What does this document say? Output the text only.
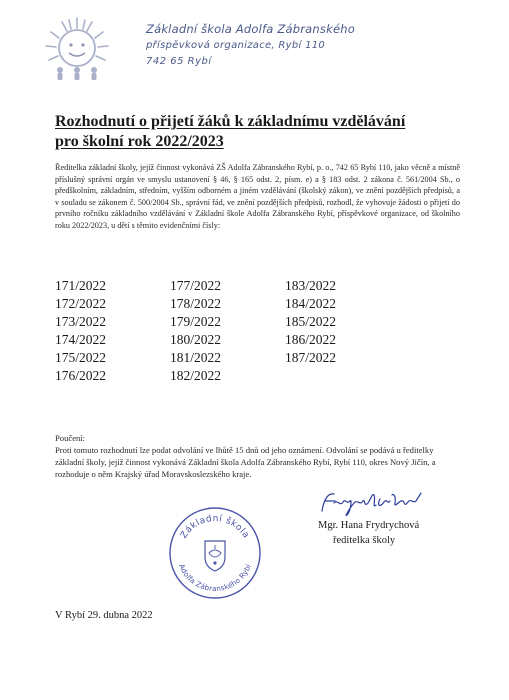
Základní škola Adolfa Zábranského
příspěvková organizace, Rybí 110
742 65 Rybí
Rozhodnutí o přijetí žáků k základnímu vzdělávání
pro školní rok 2022/2023
Ředitelka základní školy, jejíž činnost vykonává ZŠ Adolfa Zábranského Rybí, p. o., 742 65 Rybí 110, jako věcně a místně příslušný správní orgán ve smyslu ustanovení § 46, § 165 odst. 2, písm. e) a § 183 odst. 2 zákona č. 561/2004 Sb., o předškolním, základním, středním, vyšším odborném a jiném vzdělávání (školský zákon), ve znění pozdějších předpisů, a v souladu se zákonem č. 500/2004 Sb., správní řád, ve znění pozdějších předpisů, rozhodl, že vyhovuje žádosti o přijetí do prvního ročníku základního vzdělávání v Základní škole Adolfa Zábranského Rybí, příspěvkové organizace, od školního roku 2022/2023, u dětí s těmito evidenčními čísly:
171/2022
172/2022
173/2022
174/2022
175/2022
176/2022
177/2022
178/2022
179/2022
180/2022
181/2022
182/2022
183/2022
184/2022
185/2022
186/2022
187/2022
Poučení:
Proti tomuto rozhodnutí lze podat odvolání ve lhůtě 15 dnů od jeho oznámení. Odvolání se podává u ředitelky základní školy, jejíž činnost vykonává Základní škola Adolfa Zábranského Rybí, Rybí 110, okres Nový Jičín, a rozhoduje o něm Krajský úřad Moravskoslezského kraje.
Mgr. Hana Frydrychová
ředitelka školy
Základní škola
Adolfa Zábranského Rybí
V Rybí 29. dubna 2022
